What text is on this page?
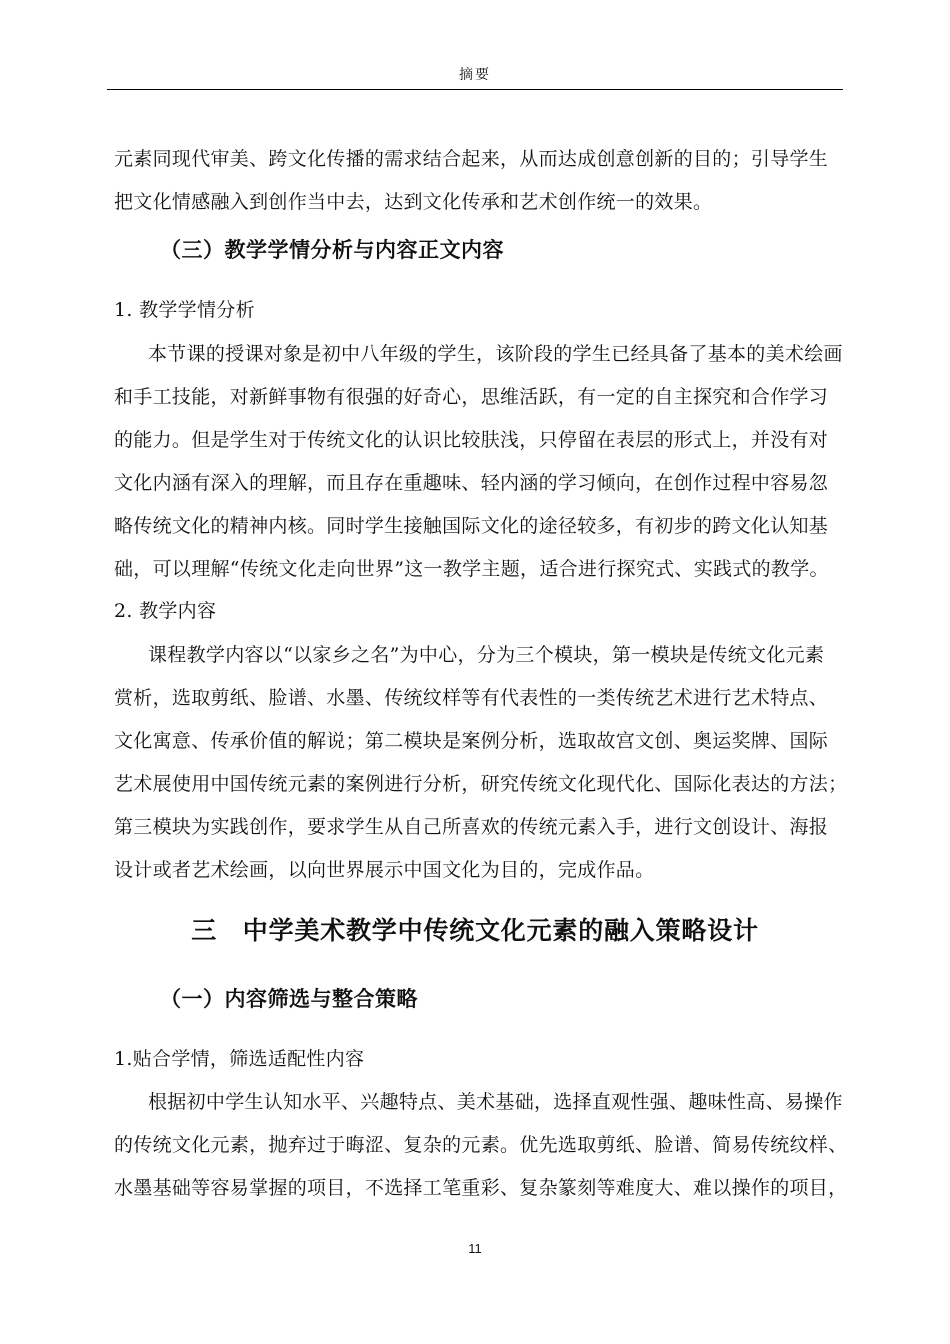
摘要
元素同现代审美、跨文化传播的需求结合起来，从而达成创意创新的目的；引导学生
把文化情感融入到创作当中去，达到文化传承和艺术创作统一的效果。
（三）教学学情分析与内容正文内容
1. 教学学情分析
本节课的授课对象是初中八年级的学生，该阶段的学生已经具备了基本的美术绘画
和手工技能，对新鲜事物有很强的好奇心，思维活跃，有一定的自主探究和合作学习
的能力。但是学生对于传统文化的认识比较肤浅，只停留在表层的形式上，并没有对
文化内涵有深入的理解，而且存在重趣味、轻内涵的学习倾向，在创作过程中容易忽
略传统文化的精神内核。同时学生接触国际文化的途径较多，有初步的跨文化认知基
础，可以理解“传统文化走向世界”这一教学主题，适合进行探究式、实践式的教学。
2. 教学内容
课程教学内容以“以家乡之名”为中心，分为三个模块，第一模块是传统文化元素
赏析，选取剪纸、脸谱、水墨、传统纹样等有代表性的一类传统艺术进行艺术特点、
文化寓意、传承价值的解说；第二模块是案例分析，选取故宫文创、奥运奖牌、国际
艺术展使用中国传统元素的案例进行分析，研究传统文化现代化、国际化表达的方法；
第三模块为实践创作，要求学生从自己所喜欢的传统元素入手，进行文创设计、海报
设计或者艺术绘画，以向世界展示中国文化为目的，完成作品。
三　中学美术教学中传统文化元素的融入策略设计
（一）内容筛选与整合策略
1.贴合学情，筛选适配性内容
根据初中学生认知水平、兴趣特点、美术基础，选择直观性强、趣味性高、易操作
的传统文化元素，抛弃过于晦涩、复杂的元素。优先选取剪纸、脸谱、简易传统纹样、
水墨基础等容易掌握的项目，不选择工笔重彩、复杂篆刻等难度大、难以操作的项目，
11
